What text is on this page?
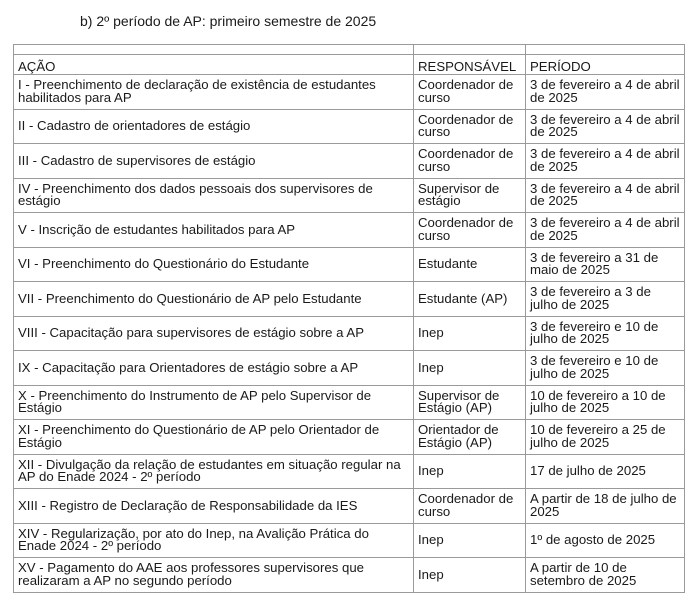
b) 2º período de AP: primeiro semestre de 2025

AÇÃO	RESPONSÁVEL	PERÍODO
I - Preenchimento de declaração de existência de estudantes habilitados para AP	Coordenador de curso	3 de fevereiro a 4 de abril de 2025
II - Cadastro de orientadores de estágio	Coordenador de curso	3 de fevereiro a 4 de abril de 2025
III - Cadastro de supervisores de estágio	Coordenador de curso	3 de fevereiro a 4 de abril de 2025
IV - Preenchimento dos dados pessoais dos supervisores de estágio	Supervisor de estágio	3 de fevereiro a 4 de abril de 2025
V - Inscrição de estudantes habilitados para AP	Coordenador de curso	3 de fevereiro a 4 de abril de 2025
VI - Preenchimento do Questionário do Estudante	Estudante	3 de fevereiro a 31 de maio de 2025
VII - Preenchimento do Questionário de AP pelo Estudante	Estudante (AP)	3 de fevereiro a 3 de julho de 2025
VIII - Capacitação para supervisores de estágio sobre a AP	Inep	3 de fevereiro e 10 de julho de 2025
IX - Capacitação para Orientadores de estágio sobre a AP	Inep	3 de fevereiro e 10 de julho de 2025
X - Preenchimento do Instrumento de AP pelo Supervisor de Estágio	Supervisor de Estágio (AP)	10 de fevereiro a 10 de julho de 2025
XI - Preenchimento do Questionário de AP pelo Orientador de Estágio	Orientador de Estágio (AP)	10 de fevereiro a 25 de julho de 2025
XII - Divulgação da relação de estudantes em situação regular na AP do Enade 2024 - 2º período	Inep	17 de julho de 2025
XIII - Registro de Declaração de Responsabilidade da IES	Coordenador de curso	A partir de 18 de julho de 2025
XIV - Regularização, por ato do Inep, na Avalição Prática do Enade 2024 - 2º período	Inep	1º de agosto de 2025
XV - Pagamento do AAE aos professores supervisores que realizaram a AP no segundo período	Inep	A partir de 10 de setembro de 2025
